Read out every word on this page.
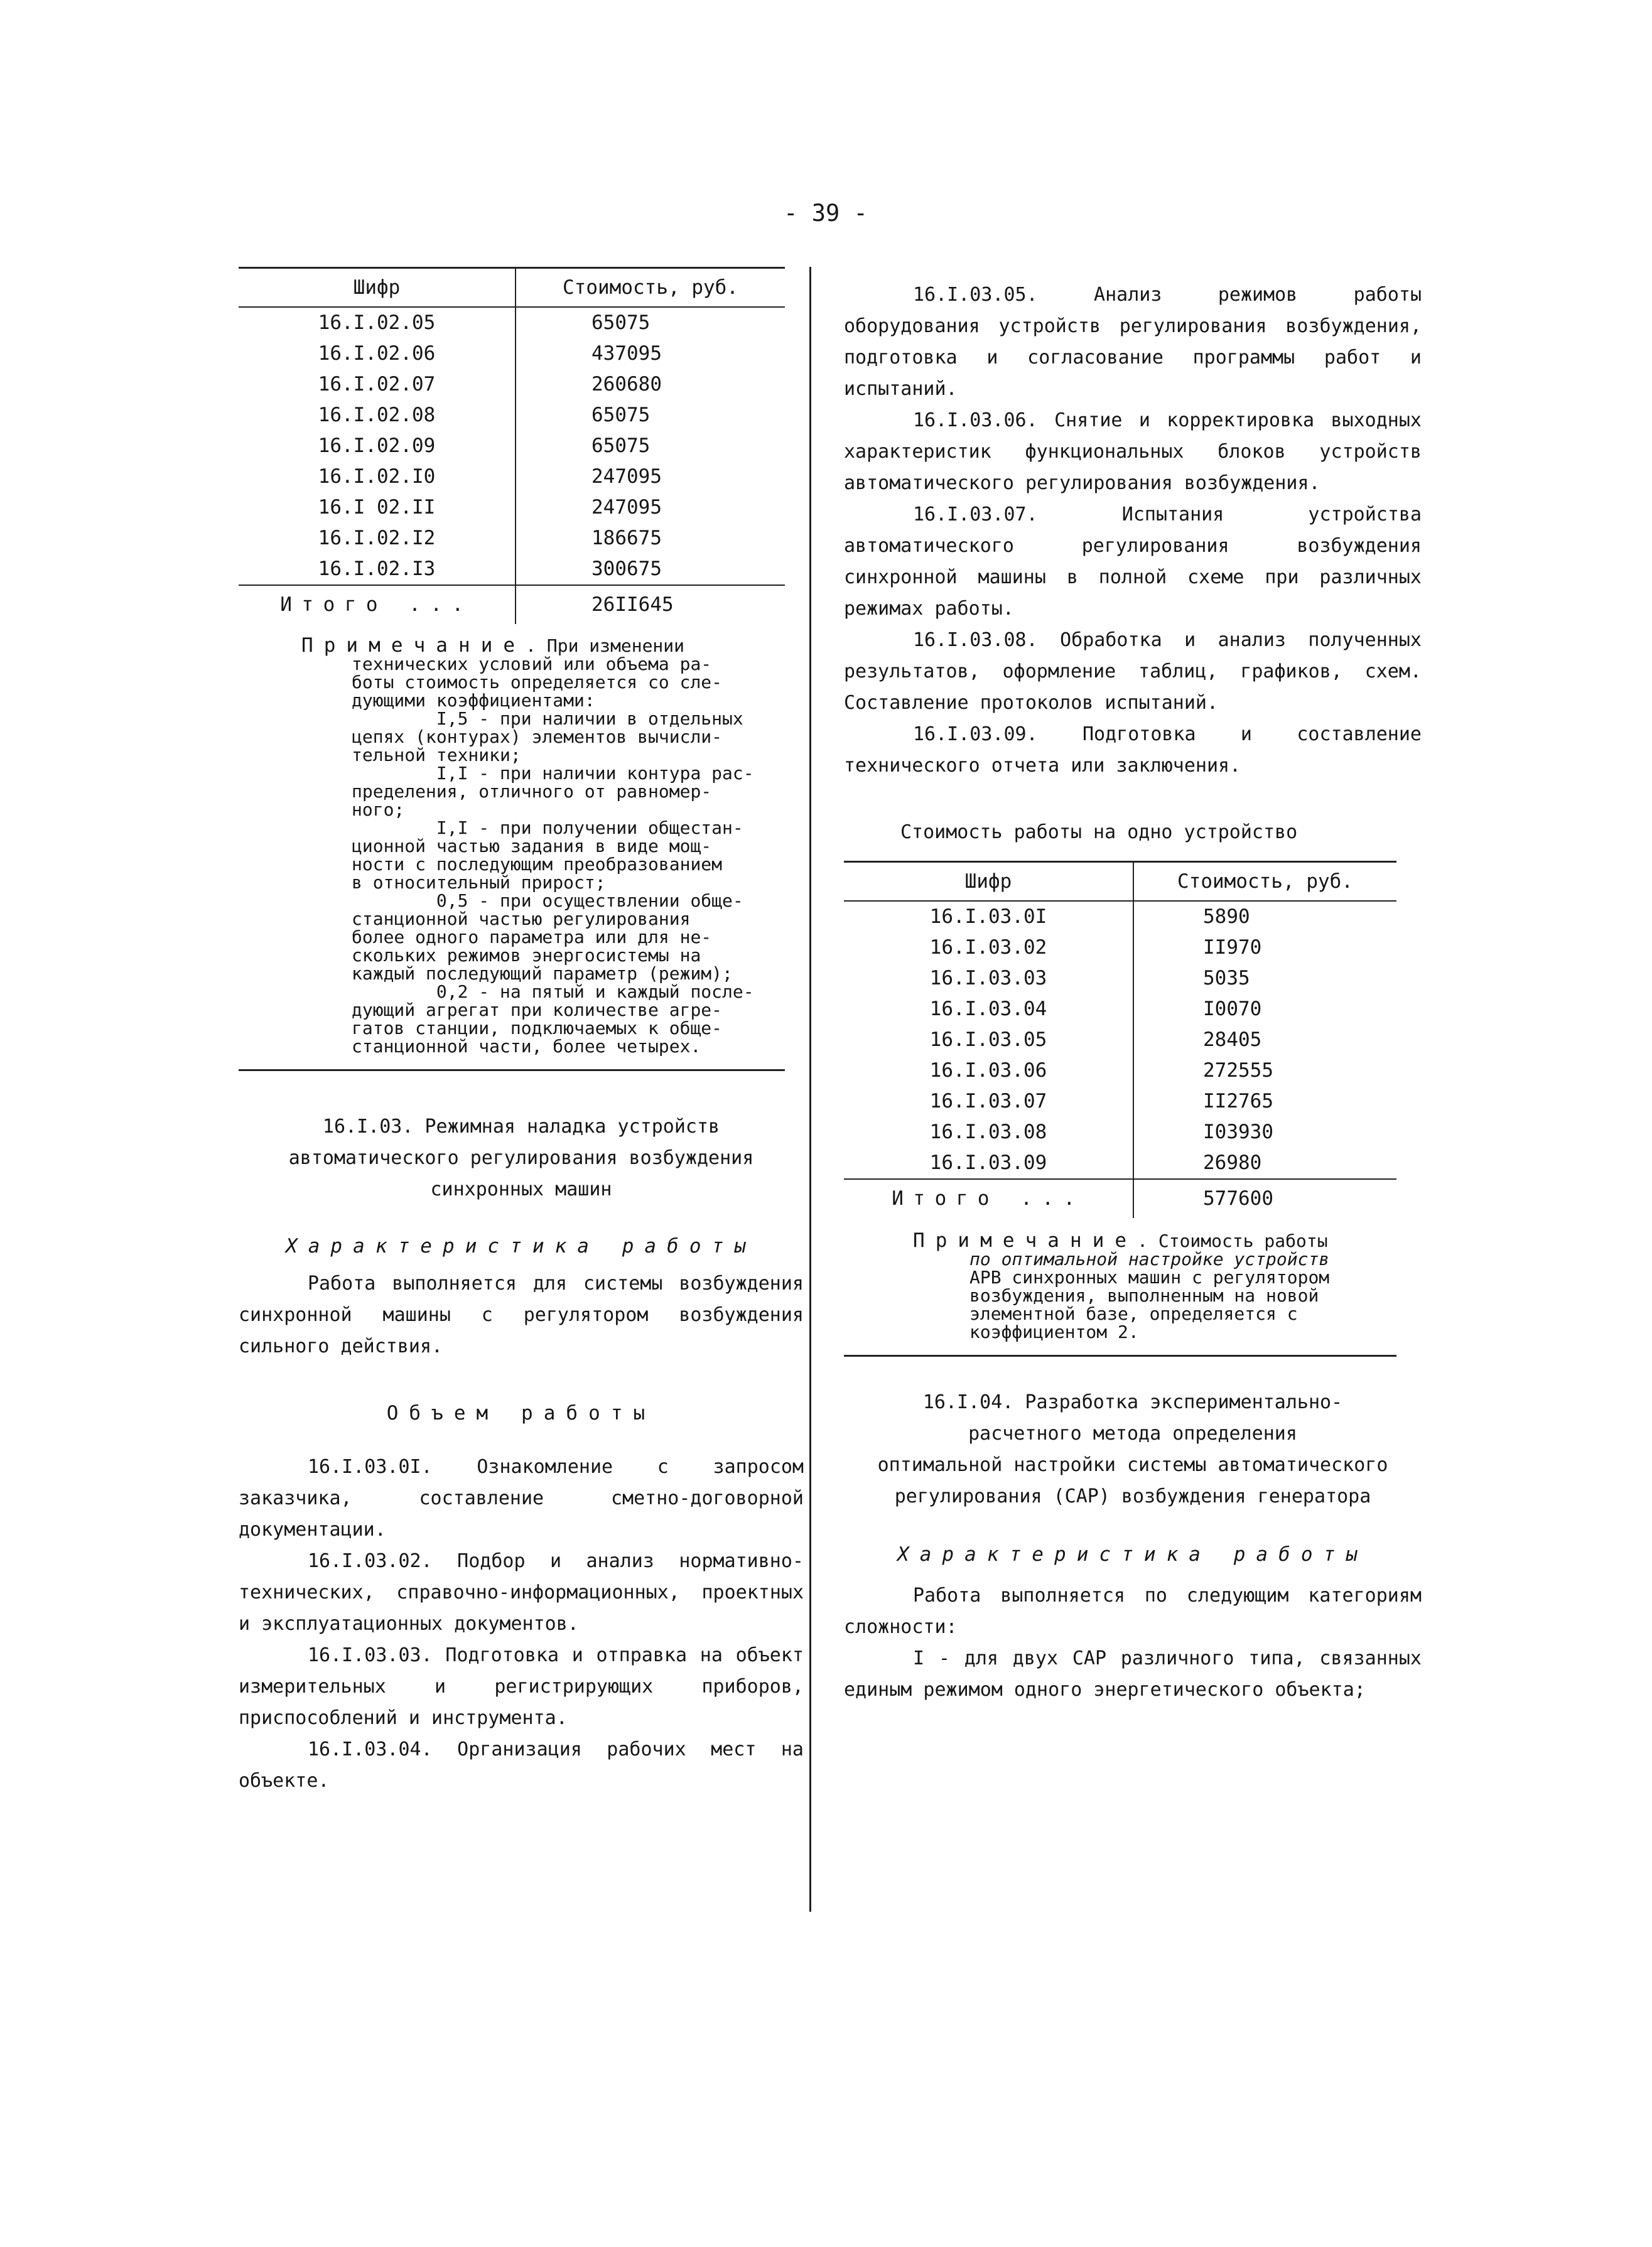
- 39 -
Шифр	Стоимость, руб.
16.I.02.05	65075
16.I.02.06	437095
16.I.02.07	260680
16.I.02.08	65075
16.I.02.09	65075
16.I.02.I0	247095
16.I 02.II	247095
16.I.02.I2	186675
16.I.02.I3	300675
Итого ...	26II645
Примечание. При изменении
технических условий или объема ра-
боты стоимость определяется со сле-
дующими коэффициентами:
I,5 - при наличии в отдельных
цепях (контурах) элементов вычисли-
тельной техники;
I,I - при наличии контура рас-
пределения, отличного от равномер-
ного;
I,I - при получении общестан-
ционной частью задания в виде мощ-
ности с последующим преобразованием
в относительный прирост;
0,5 - при осуществлении обще-
станционной частью регулирования
более одного параметра или для не-
скольких режимов энергосистемы на
каждый последующий параметр (режим);
0,2 - на пятый и каждый после-
дующий агрегат при количестве агре-
гатов станции, подключаемых к обще-
станционной части, более четырех.

16.I.03. Режимная наладка устройств

автоматического регулирования возбуждения

синхронных машин

Характеристика работы

Работа выполняется для системы возбуждения синхронной машины с регулятором возбуждения сильного действия.

Объем работы

16.I.03.0I. Ознакомление с запросом заказчика, составление сметно-договорной документации.

16.I.03.02. Подбор и анализ нормативно-технических, справочно-информационных, проектных и эксплуатационных документов.

16.I.03.03. Подготовка и отправка на объект измерительных и регистрирующих приборов, приспособлений и инструмента.

16.I.03.04. Организация рабочих мест на объекте.

16.I.03.05. Анализ режимов работы оборудования устройств регулирования возбуждения, подготовка и согласование программы работ и испытаний.

16.I.03.06. Снятие и корректировка выходных характеристик функциональных блоков устройств автоматического регулирования возбуждения.

16.I.03.07. Испытания устройства автоматического регулирования возбуждения синхронной машины в полной схеме при различных режимах работы.

16.I.03.08. Обработка и анализ полученных результатов, оформление таблиц, графиков, схем. Составление протоколов испытаний.

16.I.03.09. Подготовка и составление технического отчета или заключения.

Стоимость работы на одно устройство

Шифр	Стоимость, руб.
16.I.03.0I	5890
16.I.03.02	II970
16.I.03.03	5035
16.I.03.04	I0070
16.I.03.05	28405
16.I.03.06	272555
16.I.03.07	II2765
16.I.03.08	I03930
16.I.03.09	26980
Итого ...	577600
Примечание. Стоимость работы
по оптимальной настройке устройств
АРВ синхронных машин с регулятором
возбуждения, выполненным на новой
элементной базе, определяется с
коэффициентом 2.

16.I.04. Разработка экспериментально-

расчетного метода определения

оптимальной настройки системы автоматического

регулирования (САР) возбуждения генератора

Характеристика работы

Работа выполняется по следующим категориям сложности:

I - для двух САР различного типа, связанных единым режимом одного энергетического объекта;
